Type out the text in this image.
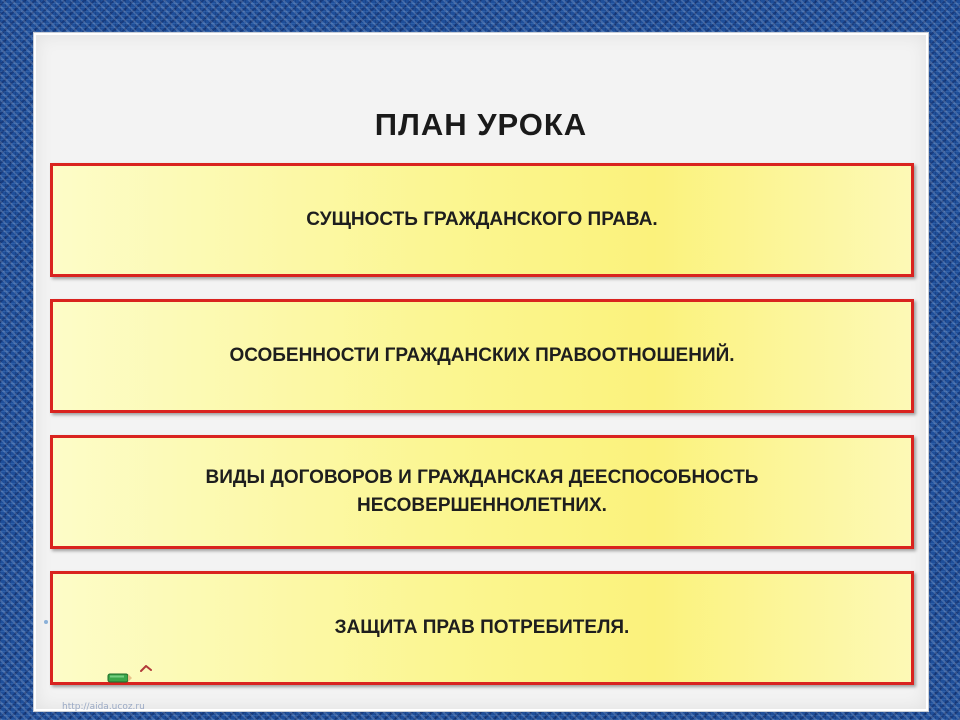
ПЛАН УРОКА
СУЩНОСТЬ ГРАЖДАНСКОГО ПРАВА.
ОСОБЕННОСТИ ГРАЖДАНСКИХ ПРАВООТНОШЕНИЙ.
ВИДЫ ДОГОВОРОВ И ГРАЖДАНСКАЯ ДЕЕСПОСОБНОСТЬ
НЕСОВЕРШЕННОЛЕТНИХ.
ЗАЩИТА ПРАВ ПОТРЕБИТЕЛЯ.
http://aida.ucoz.ru
